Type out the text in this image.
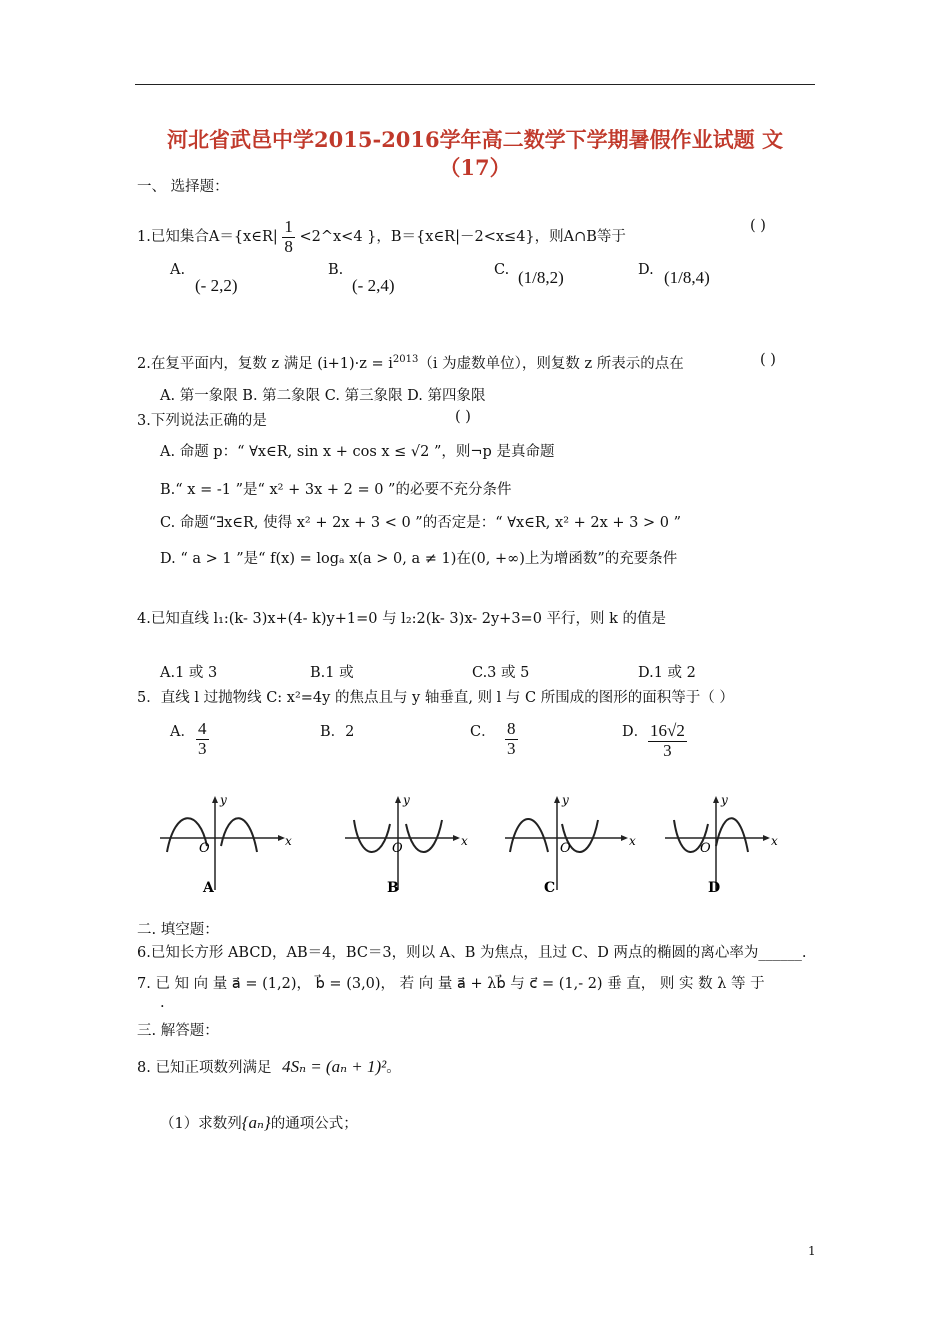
河北省武邑中学2015-2016学年高二数学下学期暑假作业试题 文
（17）
一、 选择题：
1.已知集合A＝{x∈R| $\frac{1}{8}$ <2^x<4 }，B＝{x∈R|－2<x≤4}，则A∩B等于
( )
A.
(- 2,2)
B.
(- 2,4)
C. (1/8,2)	D. (1/8,4)
2.在复平面内，复数 z 满足 $(i+1)\cdot z = i^{2013}(i$ 为虚数单位），则复数 z 所表示的点在	( )
A. 第一象限 B. 第二象限 C. 第三象限 D. 第四象限
3.下列说法正确的是	( )
A. 命题 p：“ ∀x∈R, sin x + cos x ≤ √2 ”，则¬p 是真命题
B.“ x = -1 ”是“ x² + 3x + 2 = 0 ”的必要不充分条件
C. 命题“∃x∈R, 使得 x² + 2x + 3 < 0 ”的否定是：“ ∀x∈R, x² + 2x + 3 > 0 ”
D. “ a > 1 ”是“ f(x) = logₐ x(a > 0, a ≠ 1)在(0, +∞)上为增函数”的充要条件
4.已知直线 l₁:(k- 3)x+(4- k)y+1=0 与 l₂:2(k- 3)x- 2y+3=0 平行，则 k 的值是
A.1 或 3	B.1 或	C.3 或 5	D.1 或 2
5．直线 l 过抛物线 C: x²=4y 的焦点且与 y 轴垂直, 则 l 与 C 所围成的图形的面积等于（ ）
A． $\frac{4}{3}$	B．2	C． $\frac{8}{3}$	D． $\frac{16√2}{3}$
y
x
O
A
y
x
O
B
y
x
O
C
y
x
O
D
二. 填空题：
6.已知长方形 ABCD，AB＝4，BC＝3，则以 A、B 为焦点，且过 C、D 两点的椭圆的离心率为______.
7. 已 知 向 量 a⃗ = (1,2)， b⃗ = (3,0)， 若 向 量 a⃗ + λb⃗ 与 c⃗ = (1,- 2) 垂 直， 则 实 数 λ 等 于
.
三. 解答题：
8. 已知正项数列满足 4Sₙ = (aₙ + 1)²。
（1）求数列{aₙ}的通项公式；
1
